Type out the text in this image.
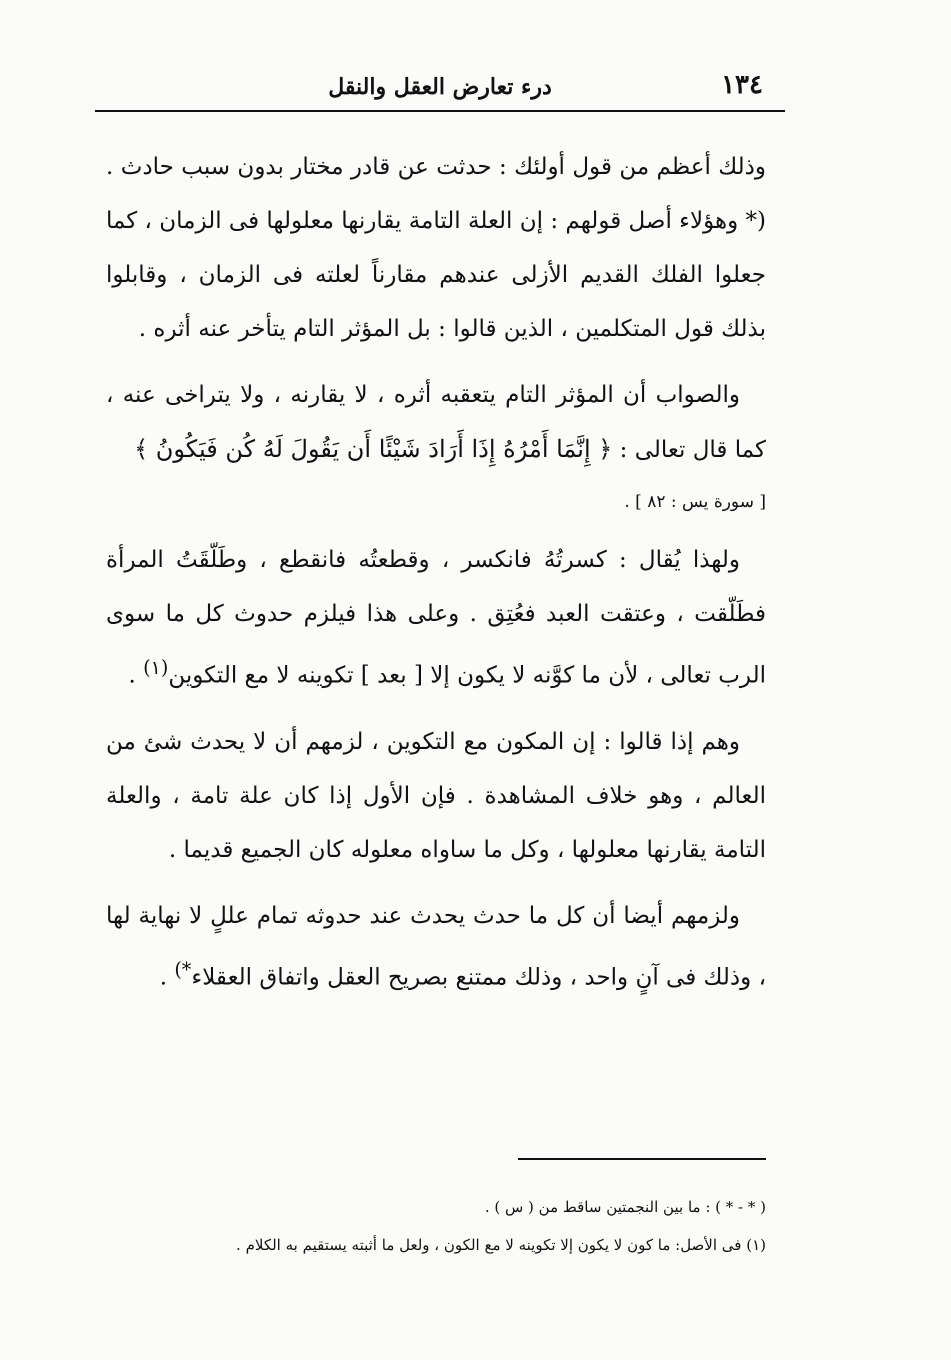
١٣٤
درء تعارض العقل والنقل

وذلك أعظم من قول أولئك : حدثت عن قادر مختار بدون سبب حادث .(* وهؤلاء أصل قولهم : إن العلة التامة يقارنها معلولها فى الزمان ، كما جعلوا الفلك القديم الأزلى عندهم مقارناً لعلته فى الزمان ، وقابلوا بذلك قول المتكلمين ، الذين قالوا : بل المؤثر التام يتأخر عنه أثره .

والصواب أن المؤثر التام يتعقبه أثره ، لا يقارنه ، ولا يتراخى عنه ، كما قال تعالى : ﴿ إِنَّمَا أَمْرُهُ إِذَا أَرَادَ شَيْئًا أَن يَقُولَ لَهُ كُن فَيَكُونُ ﴾

[ سورة يس : ٨٢ ] .

ولهذا يُقال : كسرتُهُ فانكسر ، وقطعتُه فانقطع ، وطَلّقَتُ المرأة فطَلّقت ، وعتقت العبد فعُتِق . وعلى هذا فيلزم حدوث كل ما سوى الرب تعالى ، لأن ما كوَّنه لا يكون إلا [ بعد ] تكوينه لا مع التكوين$^{(١)}$ .

وهم إذا قالوا : إن المكون مع التكوين ، لزمهم أن لا يحدث شئ من العالم ، وهو خلاف المشاهدة . فإن الأول إذا كان علة تامة ، والعلة التامة يقارنها معلولها ، وكل ما ساواه معلوله كان الجميع قديما .

ولزمهم أيضا أن كل ما حدث يحدث عند حدوثه تمام عللٍ لا نهاية لها ، وذلك فى آنٍ واحد ، وذلك ممتنع بصريح العقل واتفاق العقلاء*) .

( * - * ) : ما بين النجمتين ساقط من ( س ) .

(١) فى الأصل: ما كون لا يكون إلا تكوينه لا مع الكون ، ولعل ما أثبته يستقيم به الكلام .
